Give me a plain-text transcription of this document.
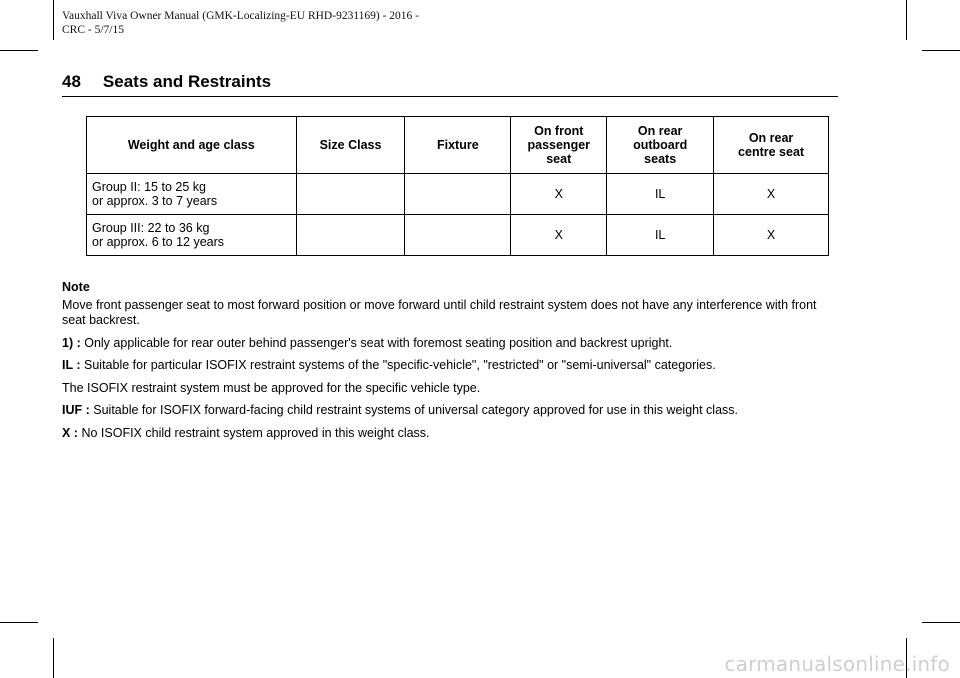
Vauxhall Viva Owner Manual (GMK-Localizing-EU RHD-9231169) - 2016 -
CRC - 5/7/15
48 Seats and Restraints
Weight and age class	Size Class	Fixture	On front
passenger
seat	On rear
outboard
seats	On rear
centre seat
Group II: 15 to 25 kg
or approx. 3 to 7 years			X	IL	X
Group III: 22 to 36 kg
or approx. 6 to 12 years			X	IL	X
Note

Move front passenger seat to most forward position or move forward until child restraint system does not have any interference with front seat backrest.

1) : Only applicable for rear outer behind passenger's seat with foremost seating position and backrest upright.

IL : Suitable for particular ISOFIX restraint systems of the "specific-vehicle", "restricted" or "semi-universal" categories.

The ISOFIX restraint system must be approved for the specific vehicle type.

IUF : Suitable for ISOFIX forward-facing child restraint systems of universal category approved for use in this weight class.

X : No ISOFIX child restraint system approved in this weight class.

carmanualsonline.info
